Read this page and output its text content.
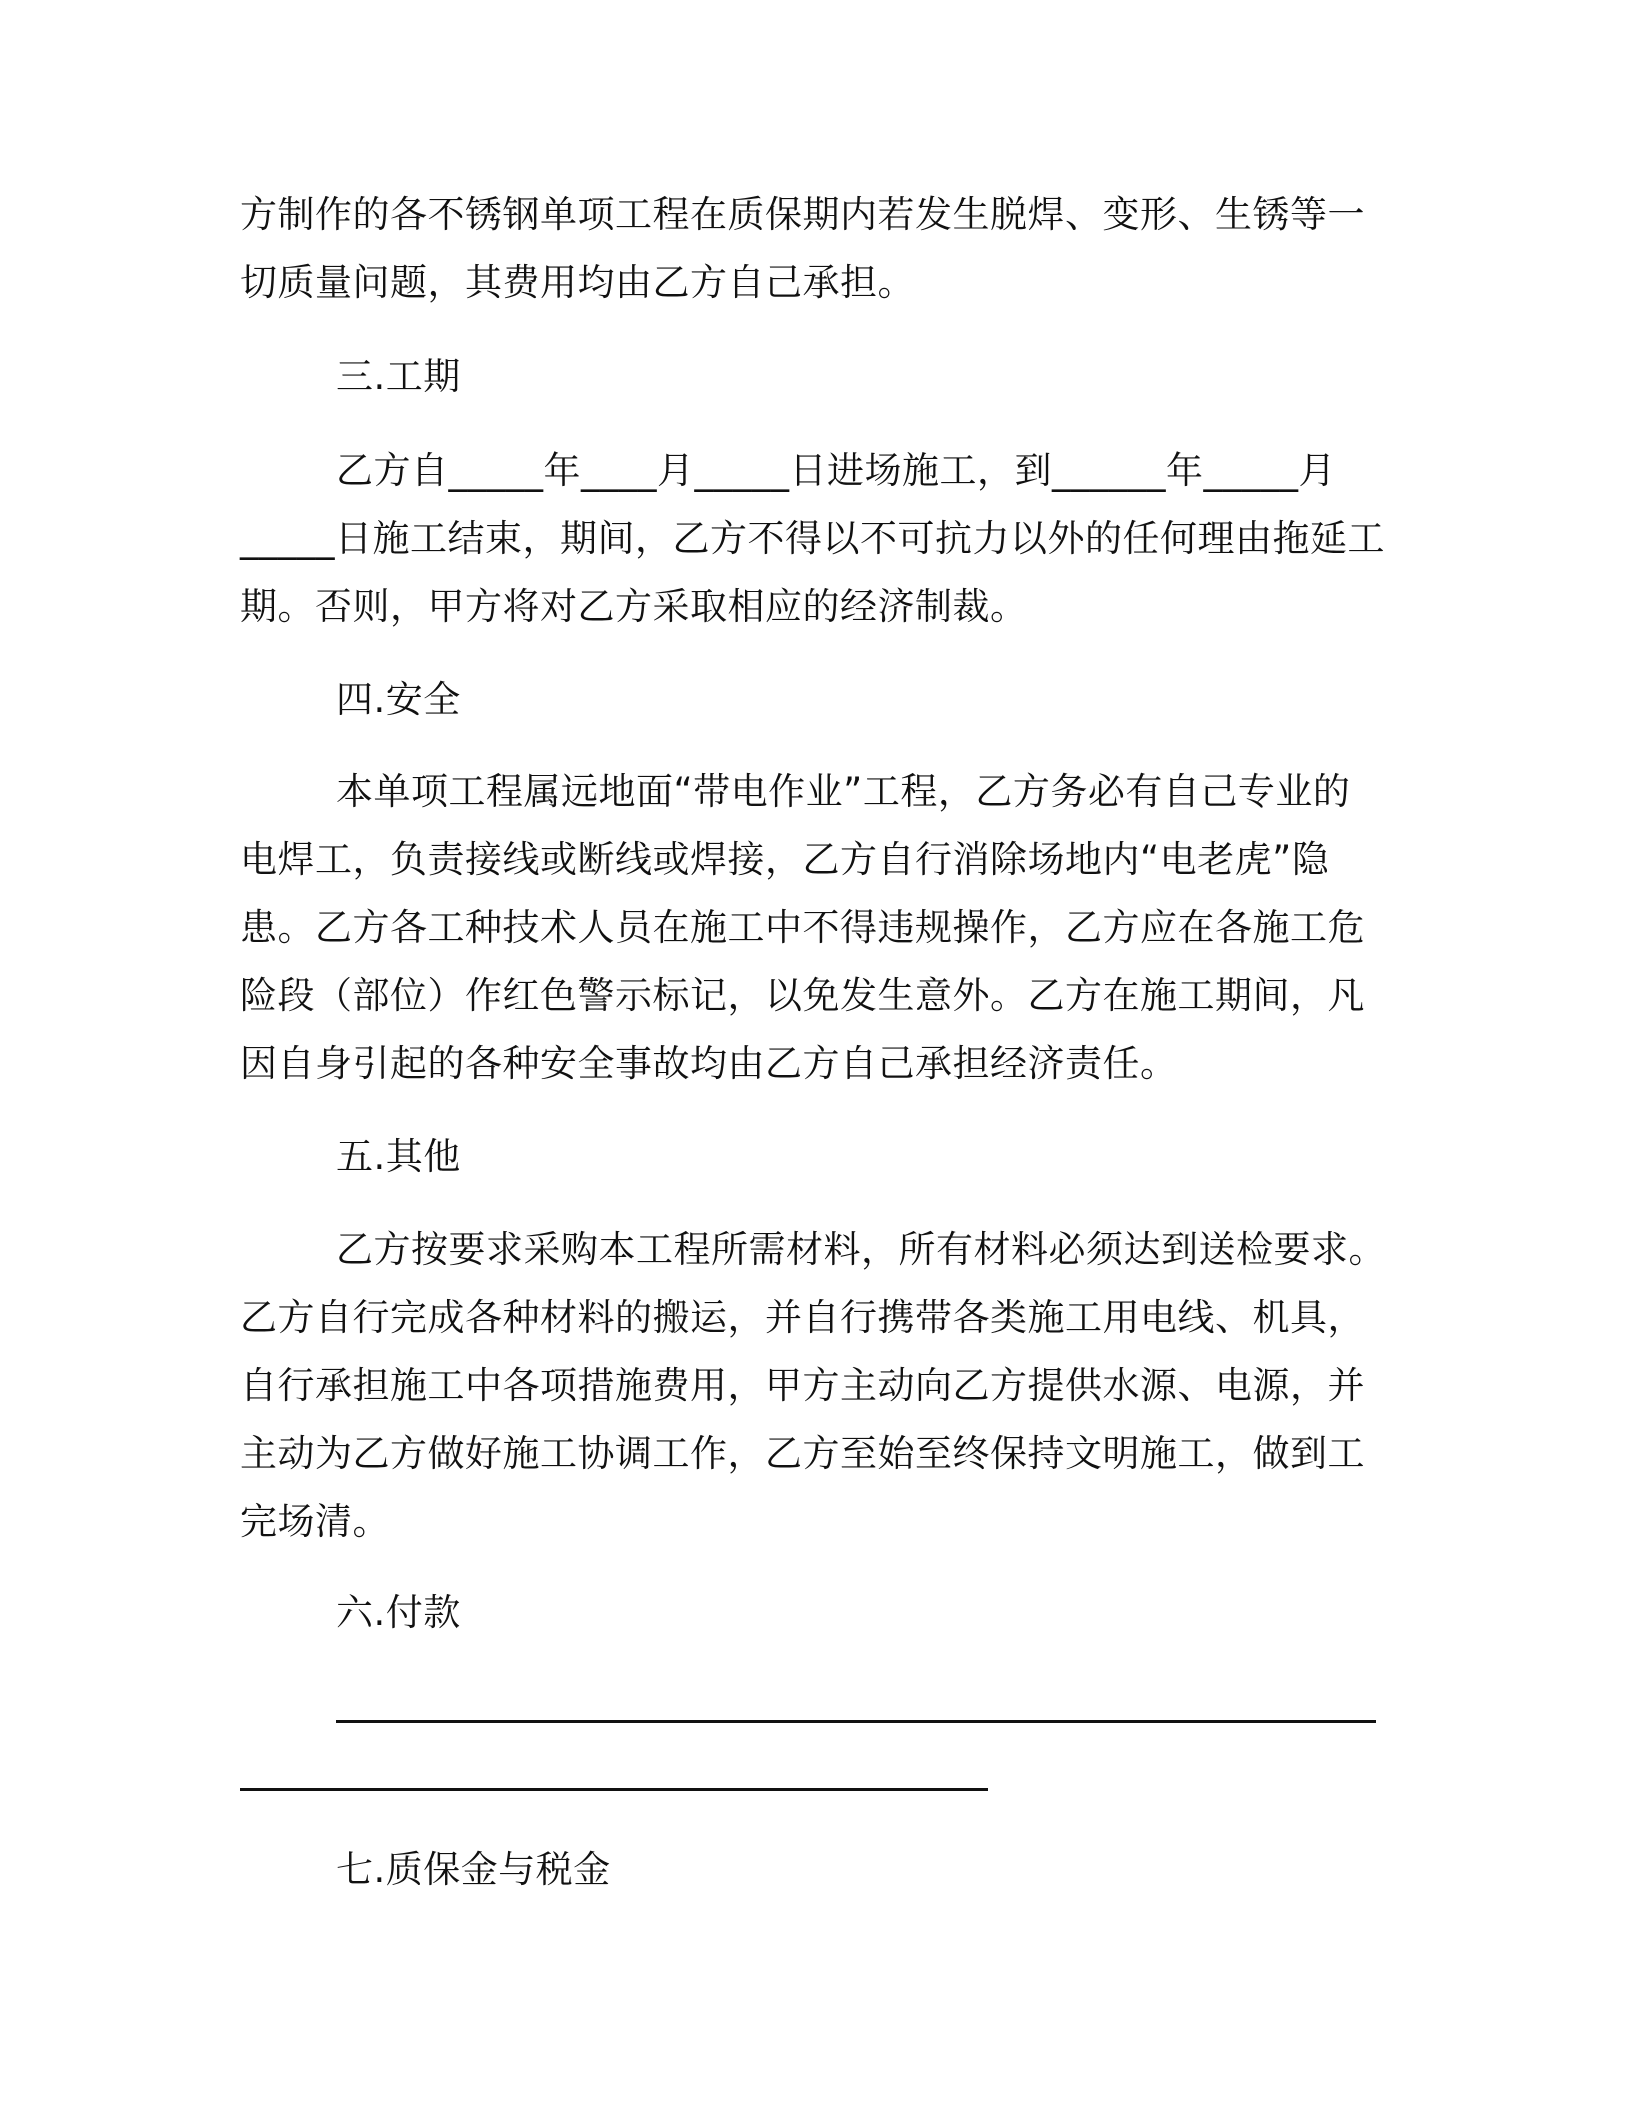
方制作的各不锈钢单项工程在质保期内若发生脱焊、变形、生锈等一
切质量问题，其费用均由乙方自己承担。
三.工期
乙方自_____年____月_____日进场施工，到______年_____月
_____日施工结束，期间，乙方不得以不可抗力以外的任何理由拖延工
期。否则，甲方将对乙方采取相应的经济制裁。
四.安全
本单项工程属远地面“带电作业”工程，乙方务必有自己专业的
电焊工，负责接线或断线或焊接，乙方自行消除场地内“电老虎”隐
患。乙方各工种技术人员在施工中不得违规操作，乙方应在各施工危
险段（部位）作红色警示标记，以免发生意外。乙方在施工期间，凡
因自身引起的各种安全事故均由乙方自己承担经济责任。
五.其他
乙方按要求采购本工程所需材料，所有材料必须达到送检要求。
乙方自行完成各种材料的搬运，并自行携带各类施工用电线、机具，
自行承担施工中各项措施费用，甲方主动向乙方提供水源、电源，并
主动为乙方做好施工协调工作，乙方至始至终保持文明施工，做到工
完场清。
六.付款
七.质保金与税金
